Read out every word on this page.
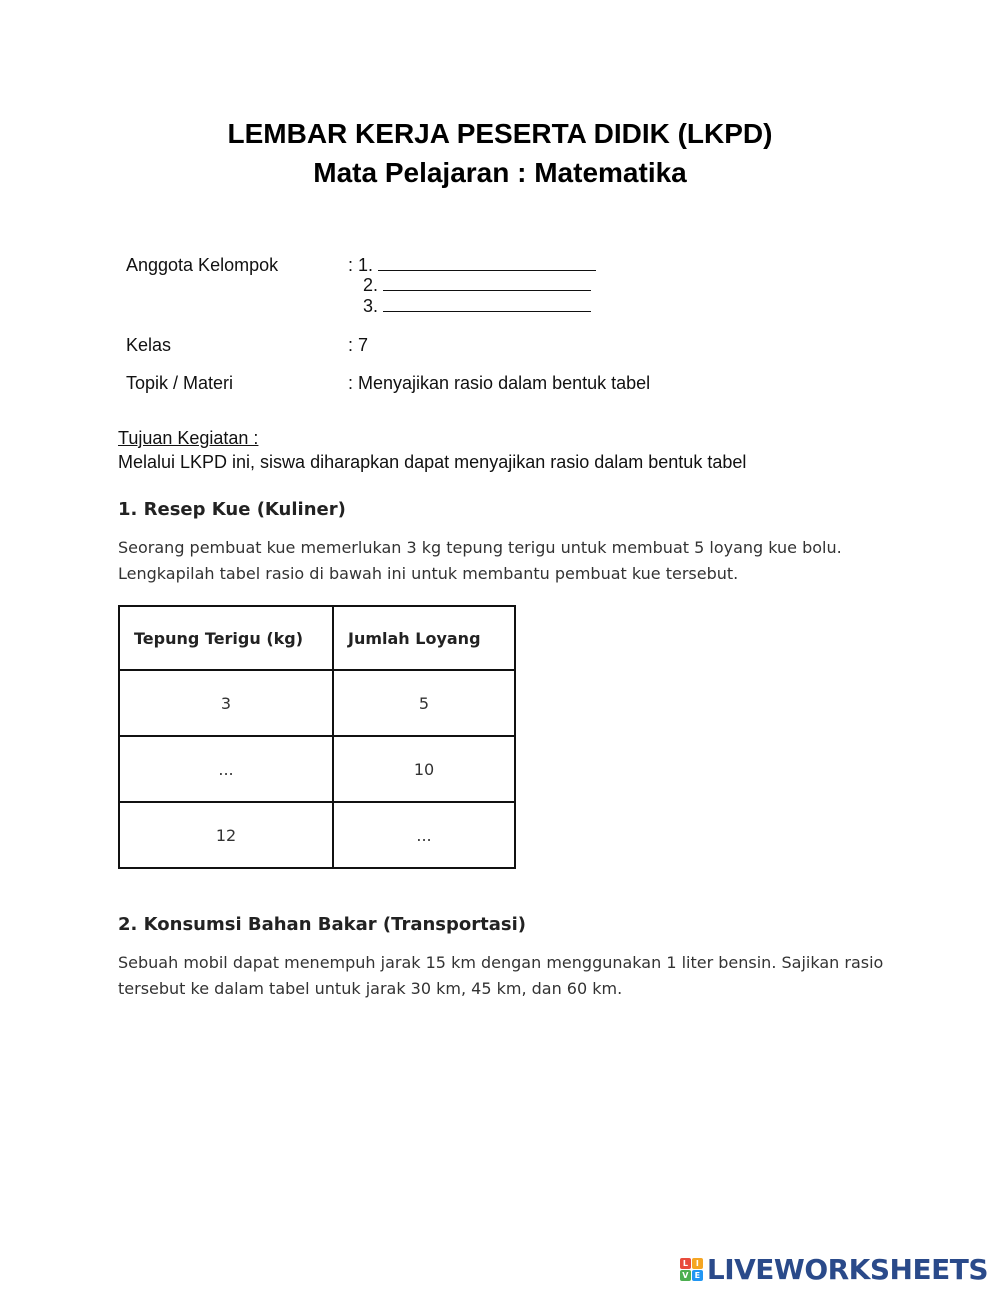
LEMBAR KERJA PESERTA DIDIK (LKPD)
Mata Pelajaran : Matematika
Anggota Kelompok	: 1.
2.
3.
Kelas	: 7
Topik / Materi	: Menyajikan rasio dalam bentuk tabel
Tujuan Kegiatan :
Melalui LKPD ini, siswa diharapkan dapat menyajikan rasio dalam bentuk tabel
1. Resep Kue (Kuliner)
Seorang pembuat kue memerlukan 3 kg tepung terigu untuk membuat 5 loyang kue bolu.
Lengkapilah tabel rasio di bawah ini untuk membantu pembuat kue tersebut.
Tepung Terigu (kg)	Jumlah Loyang
3	5
...	10
12	...
2. Konsumsi Bahan Bakar (Transportasi)
Sebuah mobil dapat menempuh jarak 15 km dengan menggunakan 1 liter bensin. Sajikan rasio
tersebut ke dalam tabel untuk jarak 30 km, 45 km, dan 60 km.
L I
V E LIVEWORKSHEETS
